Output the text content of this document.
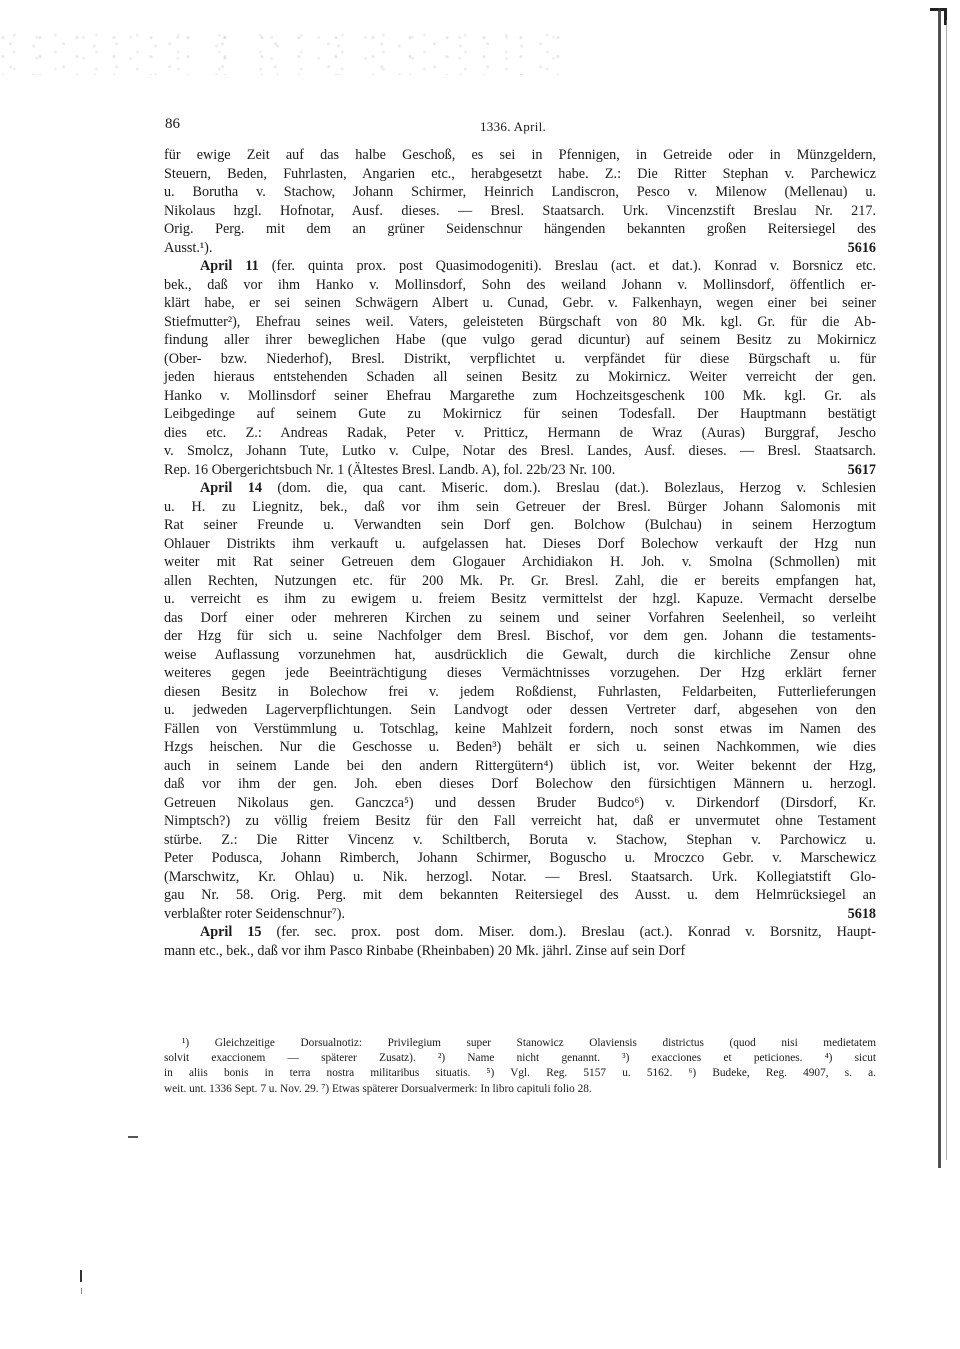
86	1336. April.
für ewige Zeit auf das halbe Geschoß, es sei in Pfennigen, in Getreide oder in Münzgeldern,
Steuern, Beden, Fuhrlasten, Angarien etc., herabgesetzt habe. Z.: Die Ritter Stephan v. Parchewicz
u. Borutha v. Stachow, Johann Schirmer, Heinrich Landiscron, Pesco v. Milenow (Mellenau) u.
Nikolaus hzgl. Hofnotar, Ausf. dieses. — Bresl. Staatsarch. Urk. Vincenzstift Breslau Nr. 217.
Orig. Perg. mit dem an grüner Seidenschnur hängenden bekannten großen Reitersiegel des
Ausst.¹).	5616
April 11 (fer. quinta prox. post Quasimodogeniti). Breslau (act. et dat.). Konrad v. Borsnicz etc.
bek., daß vor ihm Hanko v. Mollinsdorf, Sohn des weiland Johann v. Mollinsdorf, öffentlich er-
klärt habe, er sei seinen Schwägern Albert u. Cunad, Gebr. v. Falkenhayn, wegen einer bei seiner
Stiefmutter²), Ehefrau seines weil. Vaters, geleisteten Bürgschaft von 80 Mk. kgl. Gr. für die Ab-
findung aller ihrer beweglichen Habe (que vulgo gerad dicuntur) auf seinem Besitz zu Mokirnicz
(Ober- bzw. Niederhof), Bresl. Distrikt, verpflichtet u. verpfändet für diese Bürgschaft u. für
jeden hieraus entstehenden Schaden all seinen Besitz zu Mokirnicz. Weiter verreicht der gen.
Hanko v. Mollinsdorf seiner Ehefrau Margarethe zum Hochzeitsgeschenk 100 Mk. kgl. Gr. als
Leibgedinge auf seinem Gute zu Mokirnicz für seinen Todesfall. Der Hauptmann bestätigt
dies etc. Z.: Andreas Radak, Peter v. Pritticz, Hermann de Wraz (Auras) Burggraf, Jescho
v. Smolcz, Johann Tute, Lutko v. Culpe, Notar des Bresl. Landes, Ausf. dieses. — Bresl. Staatsarch.
Rep. 16 Obergerichtsbuch Nr. 1 (Ältestes Bresl. Landb. A), fol. 22b/23 Nr. 100.	5617
April 14 (dom. die, qua cant. Miseric. dom.). Breslau (dat.). Bolezlaus, Herzog v. Schlesien
u. H. zu Liegnitz, bek., daß vor ihm sein Getreuer der Bresl. Bürger Johann Salomonis mit
Rat seiner Freunde u. Verwandten sein Dorf gen. Bolchow (Bulchau) in seinem Herzogtum
Ohlauer Distrikts ihm verkauft u. aufgelassen hat. Dieses Dorf Bolechow verkauft der Hzg nun
weiter mit Rat seiner Getreuen dem Glogauer Archidiakon H. Joh. v. Smolna (Schmollen) mit
allen Rechten, Nutzungen etc. für 200 Mk. Pr. Gr. Bresl. Zahl, die er bereits empfangen hat,
u. verreicht es ihm zu ewigem u. freiem Besitz vermittelst der hzgl. Kapuze. Vermacht derselbe
das Dorf einer oder mehreren Kirchen zu seinem und seiner Vorfahren Seelenheil, so verleiht
der Hzg für sich u. seine Nachfolger dem Bresl. Bischof, vor dem gen. Johann die testaments-
weise Auflassung vorzunehmen hat, ausdrücklich die Gewalt, durch die kirchliche Zensur ohne
weiteres gegen jede Beeinträchtigung dieses Vermächtnisses vorzugehen. Der Hzg erklärt ferner
diesen Besitz in Bolechow frei v. jedem Roßdienst, Fuhrlasten, Feldarbeiten, Futterlieferungen
u. jedweden Lagerverpflichtungen. Sein Landvogt oder dessen Vertreter darf, abgesehen von den
Fällen von Verstümmlung u. Totschlag, keine Mahlzeit fordern, noch sonst etwas im Namen des
Hzgs heischen. Nur die Geschosse u. Beden³) behält er sich u. seinen Nachkommen, wie dies
auch in seinem Lande bei den andern Rittergütern⁴) üblich ist, vor. Weiter bekennt der Hzg,
daß vor ihm der gen. Joh. eben dieses Dorf Bolechow den fürsichtigen Männern u. herzogl.
Getreuen Nikolaus gen. Ganczca⁵) und dessen Bruder Budco⁶) v. Dirkendorf (Dirsdorf, Kr.
Nimptsch?) zu völlig freiem Besitz für den Fall verreicht hat, daß er unvermutet ohne Testament
stürbe. Z.: Die Ritter Vincenz v. Schiltberch, Boruta v. Stachow, Stephan v. Parchowicz u.
Peter Podusca, Johann Rimberch, Johann Schirmer, Boguscho u. Mroczco Gebr. v. Marschewicz
(Marschwitz, Kr. Ohlau) u. Nik. herzogl. Notar. — Bresl. Staatsarch. Urk. Kollegiatstift Glo-
gau Nr. 58. Orig. Perg. mit dem bekannten Reitersiegel des Ausst. u. dem Helmrücksiegel an
verblaßter roter Seidenschnur⁷).	5618
April 15 (fer. sec. prox. post dom. Miser. dom.). Breslau (act.). Konrad v. Borsnitz, Haupt-
mann etc., bek., daß vor ihm Pasco Rinbabe (Rheinbaben) 20 Mk. jährl. Zinse auf sein Dorf
¹) Gleichzeitige Dorsualnotiz: Privilegium super Stanowicz Olaviensis districtus (quod nisi medietatem
solvit exaccionem — späterer Zusatz). ²) Name nicht genannt. ³) exacciones et peticiones. ⁴) sicut
in aliis bonis in terra nostra militaribus situatis. ⁵) Vgl. Reg. 5157 u. 5162. ⁶) Budeke, Reg. 4907, s. a.
weit. unt. 1336 Sept. 7 u. Nov. 29. ⁷) Etwas späterer Dorsualvermerk: In libro capituli folio 28.
